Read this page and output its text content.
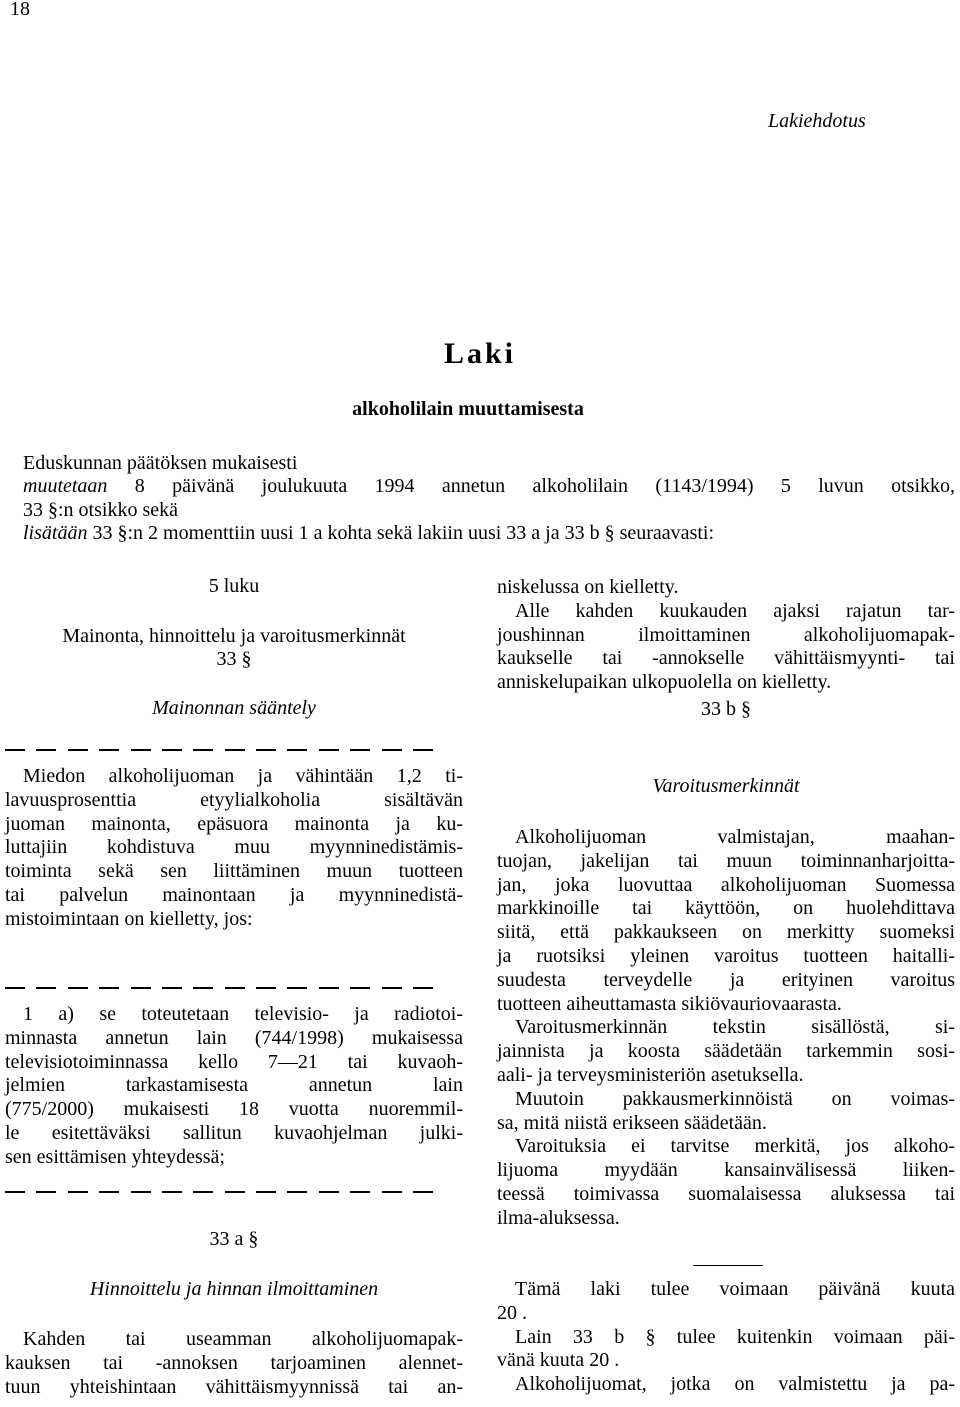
18
Lakiehdotus
Laki
alkoholilain muuttamisesta
Eduskunnan päätöksen mukaisesti
muutetaan 8 päivänä joulukuuta 1994 annetun alkoholilain (1143/1994) 5 luvun otsikko,
33 §:n otsikko sekä
lisätään 33 §:n 2 momenttiin uusi 1 a kohta sekä lakiin uusi 33 a ja 33 b § seuraavasti:
5 luku
Mainonta, hinnoittelu ja varoitusmerkinnät
33 §
Mainonnan sääntely
Miedon alkoholijuoman ja vähintään 1,2 ti-
lavuusprosenttia etyylialkoholia sisältävän
juoman mainonta, epäsuora mainonta ja ku-
luttajiin kohdistuva muu myynninedistämis-
toiminta sekä sen liittäminen muun tuotteen
tai palvelun mainontaan ja myynninedistä-
mistoimintaan on kielletty, jos:
1 a) se toteutetaan televisio- ja radiotoi-
minnasta annetun lain (744/1998) mukaisessa
televisiotoiminnassa kello 7—21 tai kuvaoh-
jelmien tarkastamisesta annetun lain
(775/2000) mukaisesti 18 vuotta nuoremmil-
le esitettäväksi sallitun kuvaohjelman julki-
sen esittämisen yhteydessä;
33 a §
Hinnoittelu ja hinnan ilmoittaminen
Kahden tai useamman alkoholijuomapak-
kauksen tai -annoksen tarjoaminen alennet-
tuun yhteishintaan vähittäismyynnissä tai an-
niskelussa on kielletty.
Alle kahden kuukauden ajaksi rajatun tar-
joushinnan ilmoittaminen alkoholijuomapak-
kaukselle tai -annokselle vähittäismyynti- tai
anniskelupaikan ulkopuolella on kielletty.
33 b §
Varoitusmerkinnät
Alkoholijuoman valmistajan, maahan-
tuojan, jakelijan tai muun toiminnanharjoitta-
jan, joka luovuttaa alkoholijuoman Suomessa
markkinoille tai käyttöön, on huolehdittava
siitä, että pakkaukseen on merkitty suomeksi
ja ruotsiksi yleinen varoitus tuotteen haitalli-
suudesta terveydelle ja erityinen varoitus
tuotteen aiheuttamasta sikiövauriovaarasta.
Varoitusmerkinnän tekstin sisällöstä, si-
jainnista ja koosta säädetään tarkemmin sosi-
aali- ja terveysministeriön asetuksella.
Muutoin pakkausmerkinnöistä on voimas-
sa, mitä niistä erikseen säädetään.
Varoituksia ei tarvitse merkitä, jos alkoho-
lijuoma myydään kansainvälisessä liiken-
teessä toimivassa suomalaisessa aluksessa tai
ilma-aluksessa.
Tämä laki tulee voimaan päivänä kuuta
20 .
Lain 33 b § tulee kuitenkin voimaan päi-
vänä kuuta 20 .
Alkoholijuomat, jotka on valmistettu ja pa-
